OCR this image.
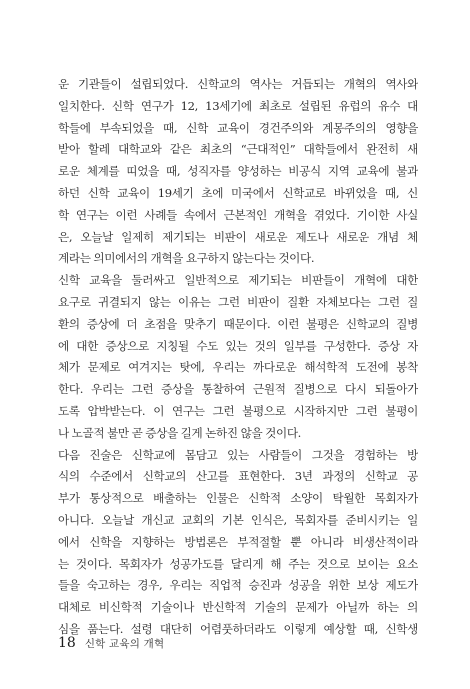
운 기관들이 설립되었다. 신학교의 역사는 거듭되는 개혁의 역사와
일치한다. 신학 연구가 12, 13세기에 최초로 설립된 유럽의 유수 대
학들에 부속되었을 때, 신학 교육이 경건주의와 계몽주의의 영향을
받아 할레 대학교와 같은 최초의 “근대적인” 대학들에서 완전히 새
로운 체계를 띠었을 때, 성직자를 양성하는 비공식 지역 교육에 불과
하던 신학 교육이 19세기 초에 미국에서 신학교로 바뀌었을 때, 신
학 연구는 이런 사례들 속에서 근본적인 개혁을 겪었다. 기이한 사실
은, 오늘날 일제히 제기되는 비판이 새로운 제도나 새로운 개념 체
계라는 의미에서의 개혁을 요구하지 않는다는 것이다.

신학 교육을 둘러싸고 일반적으로 제기되는 비판들이 개혁에 대한
요구로 귀결되지 않는 이유는 그런 비판이 질환 자체보다는 그런 질
환의 증상에 더 초점을 맞추기 때문이다. 이런 불평은 신학교의 질병
에 대한 증상으로 지칭될 수도 있는 것의 일부를 구성한다. 증상 자
체가 문제로 여겨지는 탓에, 우리는 까다로운 해석학적 도전에 봉착
한다. 우리는 그런 증상을 통찰하여 근원적 질병으로 다시 되돌아가
도록 압박받는다. 이 연구는 그런 불평으로 시작하지만 그런 불평이
나 노골적 불만 곧 증상을 길게 논하진 않을 것이다.

다음 진술은 신학교에 몸담고 있는 사람들이 그것을 경험하는 방
식의 수준에서 신학교의 산고를 표현한다. 3년 과정의 신학교 공
부가 통상적으로 배출하는 인물은 신학적 소양이 탁월한 목회자가
아니다. 오늘날 개신교 교회의 기본 인식은, 목회자를 준비시키는 일
에서 신학을 지향하는 방법론은 부적절할 뿐 아니라 비생산적이라
는 것이다. 목회자가 성공가도를 달리게 해 주는 것으로 보이는 요소
들을 숙고하는 경우, 우리는 직업적 승진과 성공을 위한 보상 제도가
대체로 비신학적 기술이나 반신학적 기술의 문제가 아닐까 하는 의
심을 품는다. 설령 대단히 어렴풋하더라도 이렇게 예상할 때, 신학생

18 신학 교육의 개혁
